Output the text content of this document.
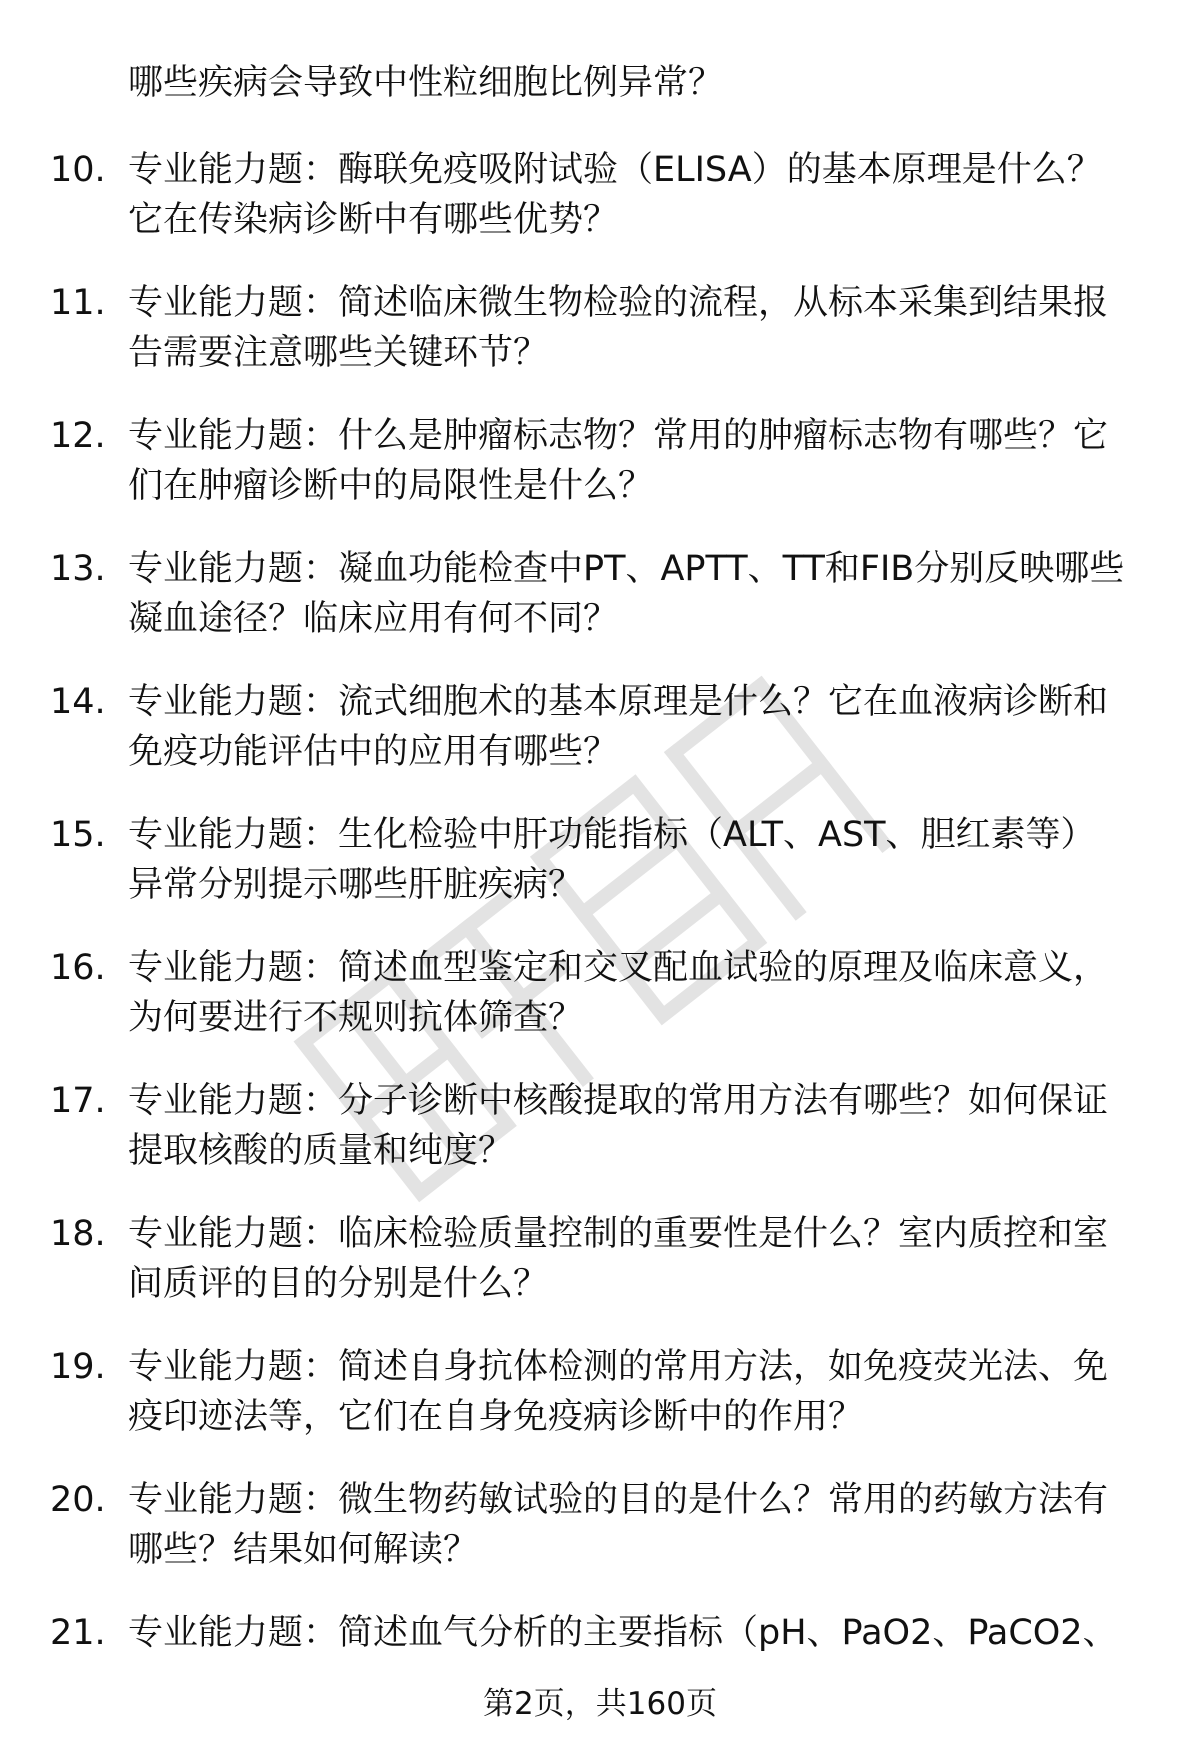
哪些疾病会导致中性粒细胞比例异常？
10. 专业能力题：酶联免疫吸附试验（ELISA）的基本原理是什么？
它在传染病诊断中有哪些优势？
11. 专业能力题：简述临床微生物检验的流程，从标本采集到结果报
告需要注意哪些关键环节？
12. 专业能力题：什么是肿瘤标志物？常用的肿瘤标志物有哪些？它
们在肿瘤诊断中的局限性是什么？
13. 专业能力题：凝血功能检查中PT、APTT、TT和FIB分别反映哪些
凝血途径？临床应用有何不同？
14. 专业能力题：流式细胞术的基本原理是什么？它在血液病诊断和
免疫功能评估中的应用有哪些？
15. 专业能力题：生化检验中肝功能指标（ALT、AST、胆红素等）
异常分别提示哪些肝脏疾病？
16. 专业能力题：简述血型鉴定和交叉配血试验的原理及临床意义，
为何要进行不规则抗体筛查？
17. 专业能力题：分子诊断中核酸提取的常用方法有哪些？如何保证
提取核酸的质量和纯度？
18. 专业能力题：临床检验质量控制的重要性是什么？室内质控和室
间质评的目的分别是什么？
19. 专业能力题：简述自身抗体检测的常用方法，如免疫荧光法、免
疫印迹法等，它们在自身免疫病诊断中的作用？
20. 专业能力题：微生物药敏试验的目的是什么？常用的药敏方法有
哪些？结果如何解读？
21. 专业能力题：简述血气分析的主要指标（pH、PaO2、PaCO2、
第2页，共160页
